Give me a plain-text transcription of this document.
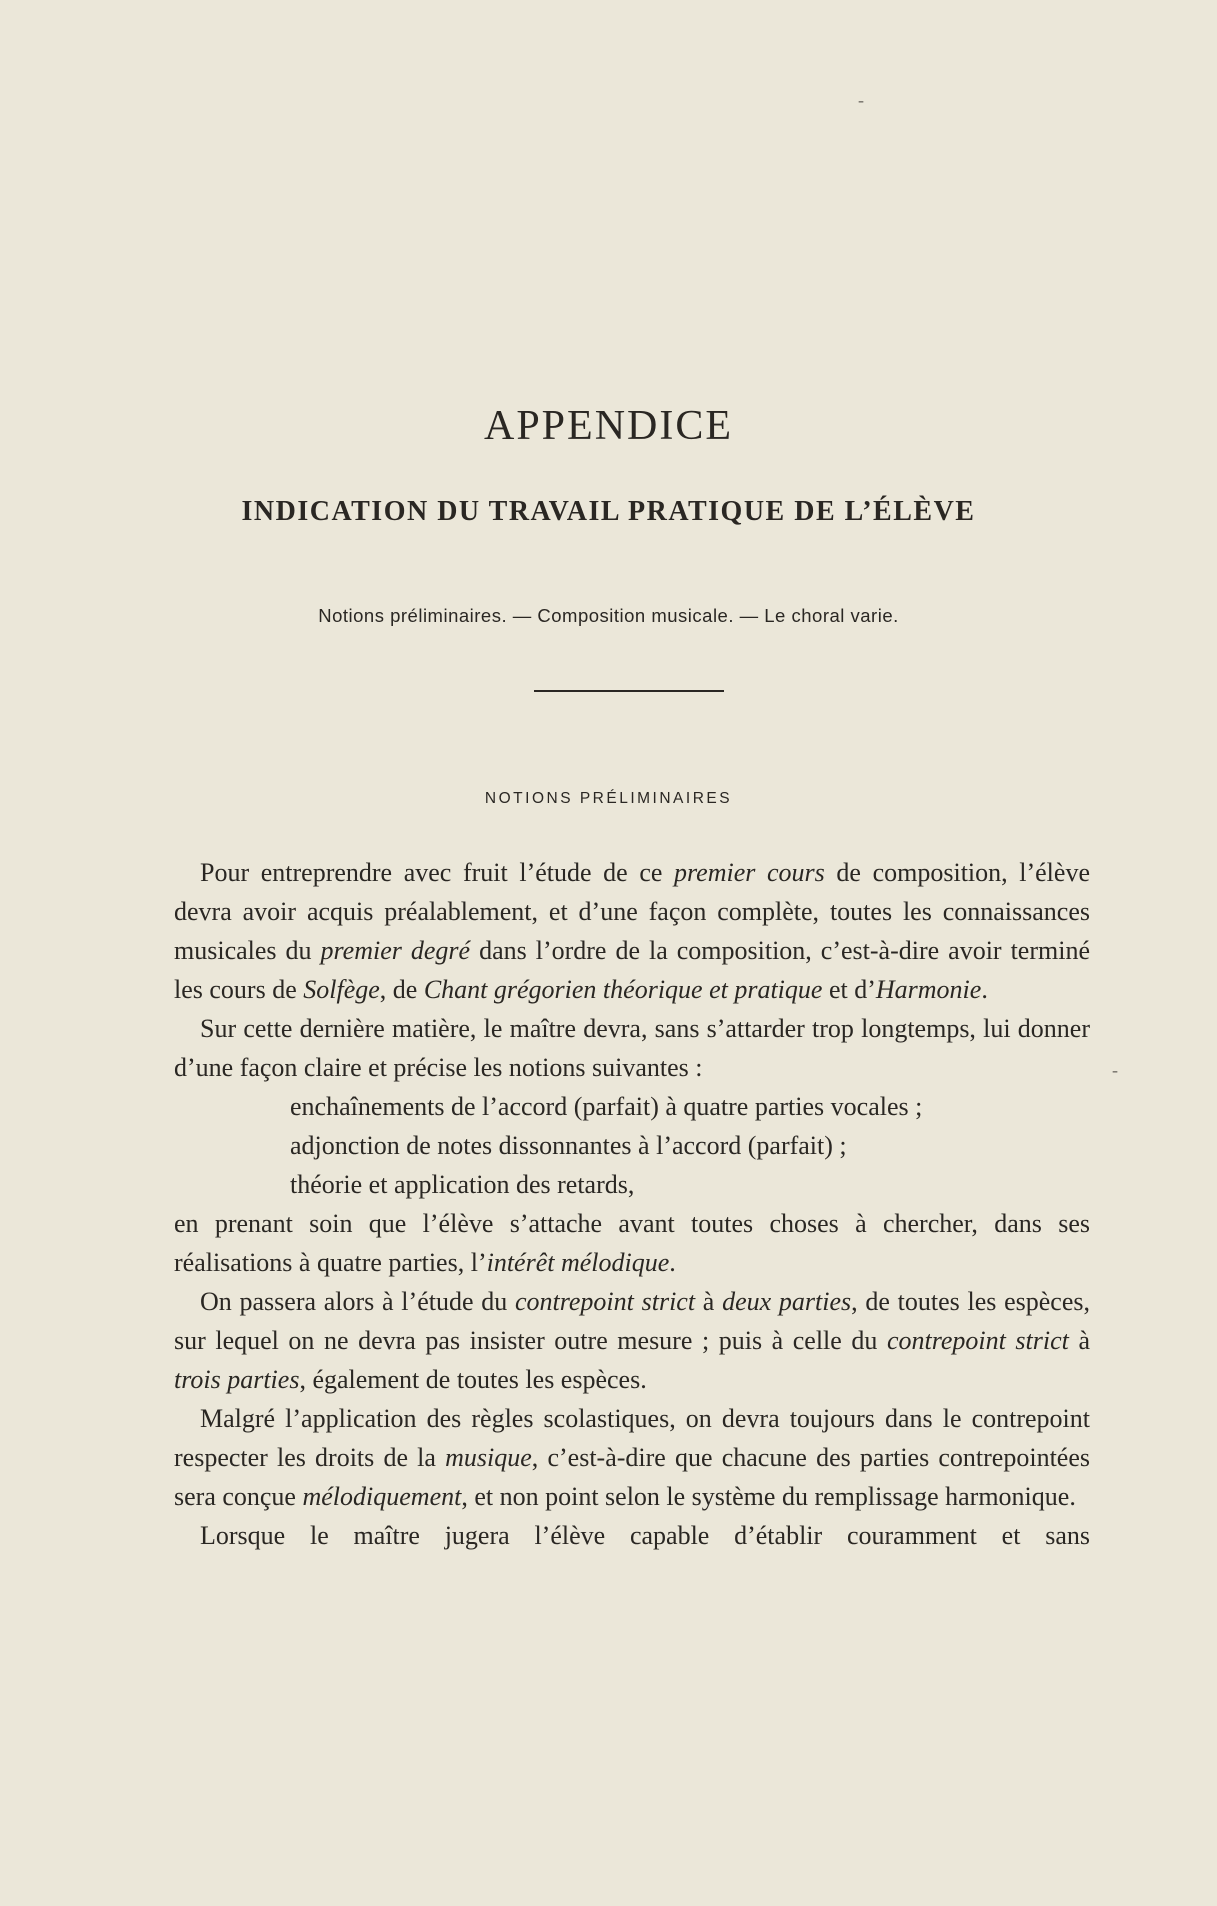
-
APPENDICE
INDICATION DU TRAVAIL PRATIQUE DE L’ÉLÈVE
Notions préliminaires. — Composition musicale. — Le choral varie.
NOTIONS PRÉLIMINAIRES
-

Pour entreprendre avec fruit l’étude de ce premier cours de composition, l’élève devra avoir acquis préalablement, et d’une façon complète, toutes les connaissances musicales du premier degré dans l’ordre de la composition, c’est-à-dire avoir terminé les cours de Solfège, de Chant grégorien théorique et pratique et d’Harmonie.

Sur cette dernière matière, le maître devra, sans s’attarder trop longtemps, lui donner d’une façon claire et précise les notions suivantes :

enchaînements de l’accord (parfait) à quatre parties vocales ;

adjonction de notes dissonnantes à l’accord (parfait) ;

théorie et application des retards,

en prenant soin que l’élève s’attache avant toutes choses à chercher, dans ses réalisations à quatre parties, l’intérêt mélodique.

On passera alors à l’étude du contrepoint strict à deux parties, de toutes les espèces, sur lequel on ne devra pas insister outre mesure ; puis à celle du contrepoint strict à trois parties, également de toutes les espèces.

Malgré l’application des règles scolastiques, on devra toujours dans le contrepoint respecter les droits de la musique, c’est-à-dire que chacune des parties contrepointées sera conçue mélodiquement, et non point selon le système du remplissage harmonique.

Lorsque le maître jugera l’élève capable d’établir couramment et sans
